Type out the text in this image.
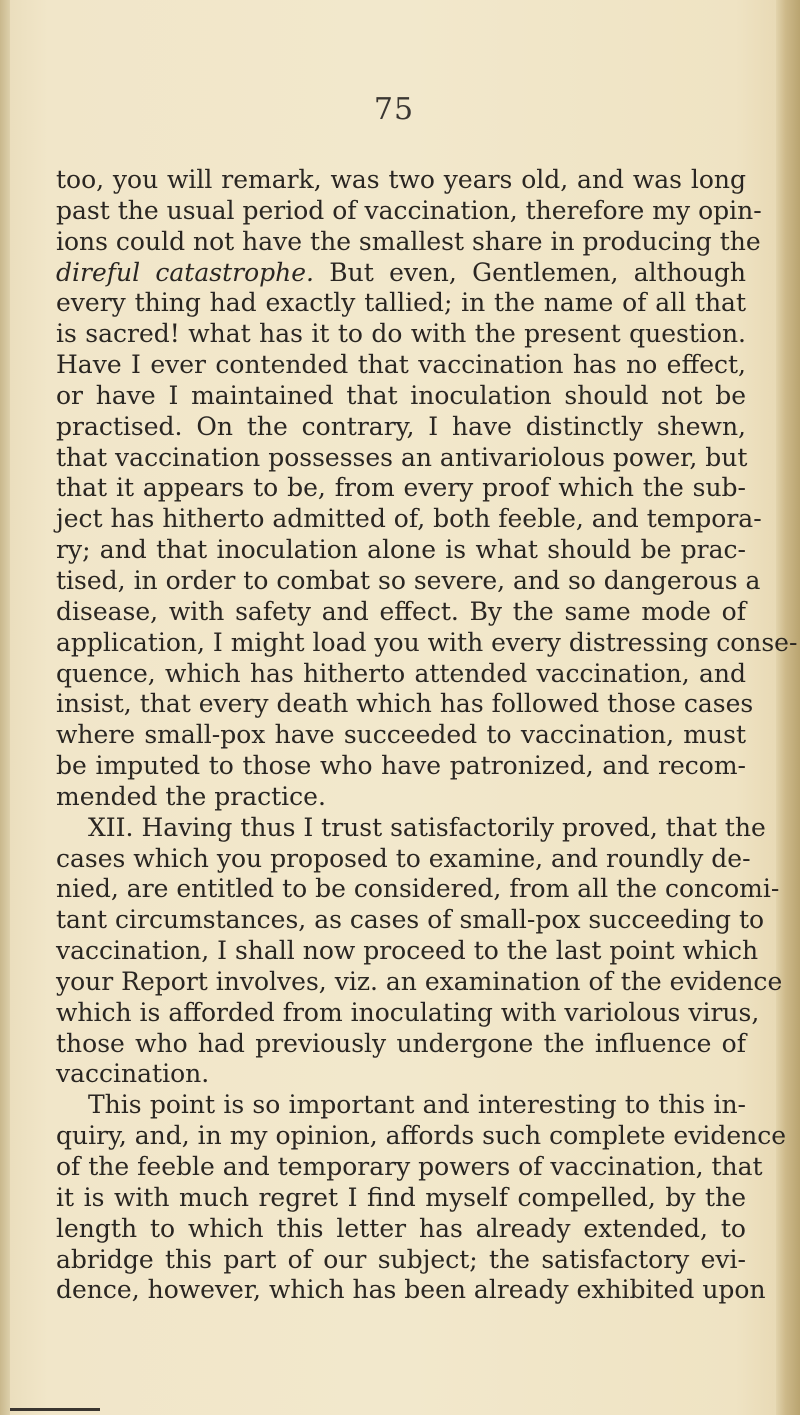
75
too, you will remark, was two years old, and was long
past the usual period of vaccination, therefore my opin-
ions could not have the smallest share in producing the
direful catastrophe. But even, Gentlemen, although
every thing had exactly tallied; in the name of all that
is sacred! what has it to do with the present question.
Have I ever contended that vaccination has no effect,
or have I maintained that inoculation should not be
practised. On the contrary, I have distinctly shewn,
that vaccination possesses an antivariolous power, but
that it appears to be, from every proof which the sub-
ject has hitherto admitted of, both feeble, and tempora-
ry; and that inoculation alone is what should be prac-
tised, in order to combat so severe, and so dangerous a
disease, with safety and effect. By the same mode of
application, I might load you with every distressing conse-
quence, which has hitherto attended vaccination, and
insist, that every death which has followed those cases
where small-pox have succeeded to vaccination, must
be imputed to those who have patronized, and recom-
mended the practice.
XII. Having thus I trust satisfactorily proved, that the
cases which you proposed to examine, and roundly de-
nied, are entitled to be considered, from all the concomi-
tant circumstances, as cases of small-pox succeeding to
vaccination, I shall now proceed to the last point which
your Report involves, viz. an examination of the evidence
which is afforded from inoculating with variolous virus,
those who had previously undergone the influence of
vaccination.
This point is so important and interesting to this in-
quiry, and, in my opinion, affords such complete evidence
of the feeble and temporary powers of vaccination, that
it is with much regret I find myself compelled, by the
length to which this letter has already extended, to
abridge this part of our subject; the satisfactory evi-
dence, however, which has been already exhibited upon
